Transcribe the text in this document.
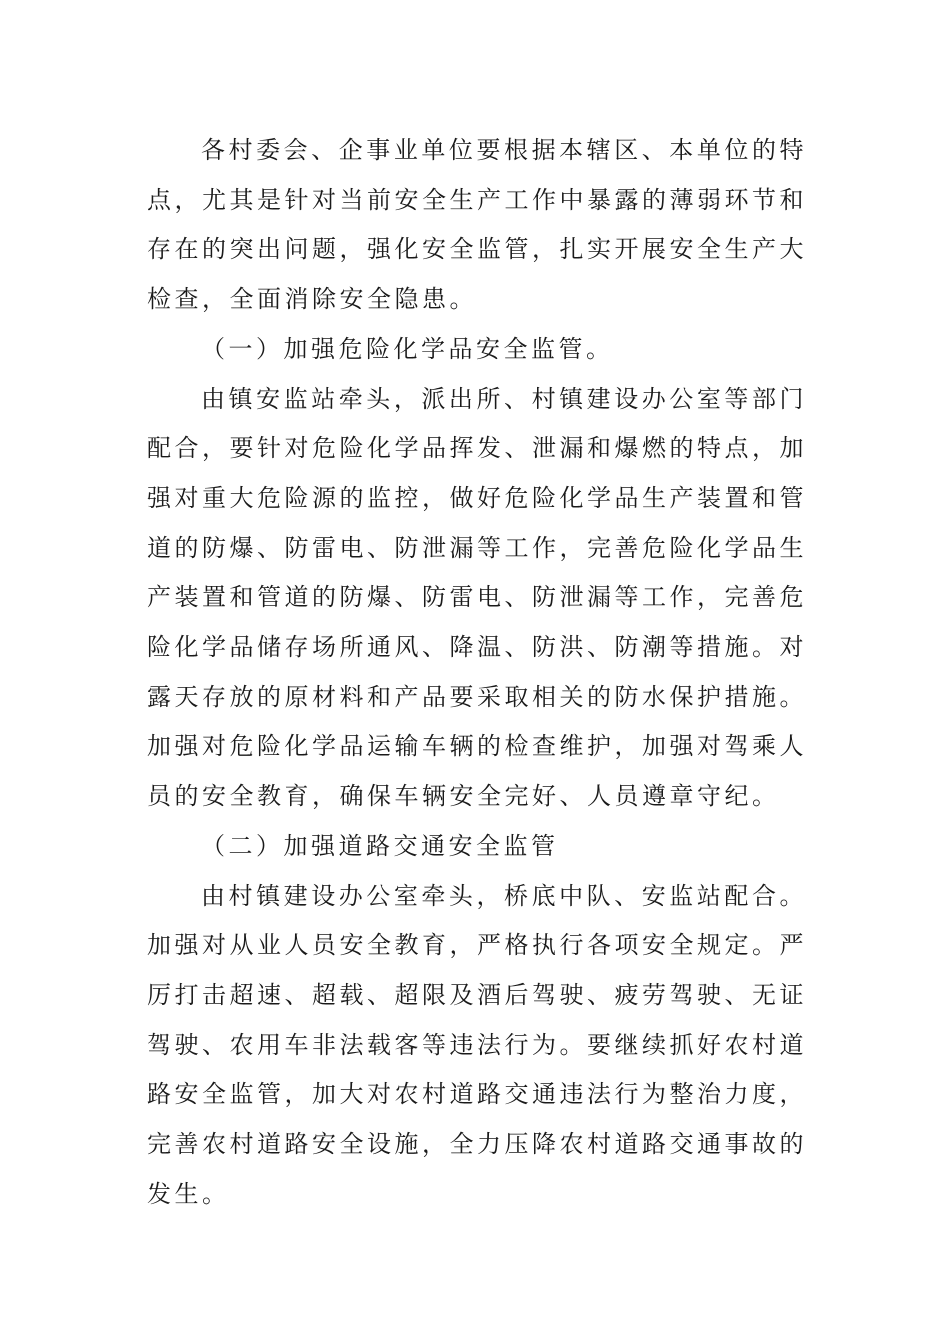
各村委会、企事业单位要根据本辖区、本单位的特点，尤其是针对当前安全生产工作中暴露的薄弱环节和存在的突出问题，强化安全监管，扎实开展安全生产大检查，全面消除安全隐患。

（一）加强危险化学品安全监管。

由镇安监站牵头，派出所、村镇建设办公室等部门配合，要针对危险化学品挥发、泄漏和爆燃的特点，加强对重大危险源的监控，做好危险化学品生产装置和管道的防爆、防雷电、防泄漏等工作，完善危险化学品生产装置和管道的防爆、防雷电、防泄漏等工作，完善危险化学品储存场所通风、降温、防洪、防潮等措施。对露天存放的原材料和产品要采取相关的防水保护措施。加强对危险化学品运输车辆的检查维护，加强对驾乘人员的安全教育，确保车辆安全完好、人员遵章守纪。

（二）加强道路交通安全监管

由村镇建设办公室牵头，桥底中队、安监站配合。加强对从业人员安全教育，严格执行各项安全规定。严厉打击超速、超载、超限及酒后驾驶、疲劳驾驶、无证驾驶、农用车非法载客等违法行为。要继续抓好农村道路安全监管，加大对农村道路交通违法行为整治力度，完善农村道路安全设施，全力压降农村道路交通事故的发生。
